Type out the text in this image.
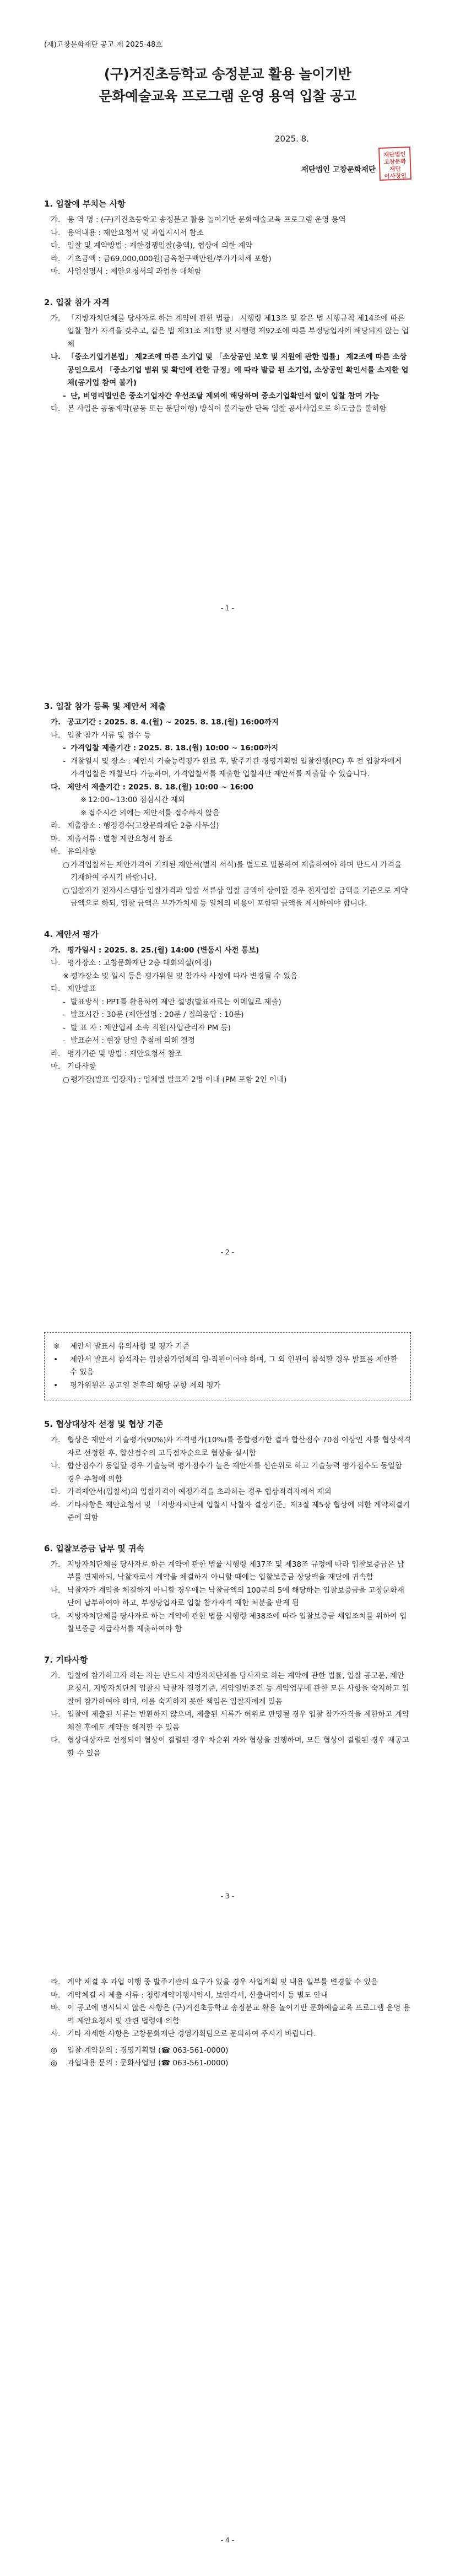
(재)고창문화재단 공고 제 2025-48호
(구)거진초등학교 송정분교 활용 놀이기반
문화예술교육 프로그램 운영 용역 입찰 공고
2025. 8.
재단법인 고창문화재단
재단법인
고창문화
재단
이사장인
1. 입찰에 부치는 사항
가. 용 역 명 : (구)거진초등학교 송정분교 활용 놀이기반 문화예술교육 프로그램 운영 용역
나. 용역내용 : 제안요청서 및 과업지시서 참조
다. 입찰 및 계약방법 : 제한경쟁입찰(총액), 협상에 의한 계약
라. 기초금액 : 금69,000,000원(금육천구백만원/부가가치세 포함)
마. 사업설명서 : 제안요청서의 과업을 대체함
2. 입찰 참가 자격
가. 「지방자치단체를 당사자로 하는 계약에 관한 법률」 시행령 제13조 및 같은 법 시행규칙 제14조에 따른 입찰 참가 자격을 갖추고, 같은 법 제31조 제1항 및 시행령 제92조에 따른 부정당업자에 해당되지 않는 업체
나. 「중소기업기본법」 제2조에 따른 소기업 및 「소상공인 보호 및 지원에 관한 법률」 제2조에 따른 소상공인으로서 「중소기업 범위 및 확인에 관한 규정」에 따라 발급 된 소기업, 소상공인 확인서를 소지한 업체(공기업 참여 불가)
- 단, 비영리법인은 중소기업자간 우선조달 제외에 해당하며 중소기업확인서 없이 입찰 참여 가능
다. 본 사업은 공동계약(공동 또는 분담이행) 방식이 불가능한 단독 입찰 공사사업으로 하도급을 불허함
- 1 -
3. 입찰 참가 등록 및 제안서 제출
가. 공고기간 : 2025. 8. 4.(월) ~ 2025. 8. 18.(월) 16:00까지
나. 입찰 참가 서류 및 접수 등
- 가격입찰 제출기간 : 2025. 8. 18.(월) 10:00 ~ 16:00까지
- 개찰일시 및 장소 : 제안서 기술능력평가 완료 후, 발주기관 경영기획팀 입찰진행(PC) 후 전 입찰자에게 가격입찰은 개찰보다 가능하며, 가격입찰서를 제출한 입찰자만 제안서를 제출할 수 있습니다.
다. 제안서 제출기간 : 2025. 8. 18.(월) 10:00 ~ 16:00
※ 12:00~13:00 점심시간 제외
※ 접수시간 외에는 제안서를 접수하지 않음
라. 제출장소 : 행정경수(고창문화재단 2층 사무실)
마. 제출서류 : 별첨 제안요청서 참조
바. 유의사항
○ 가격입찰서는 제안가격이 기재된 제안서(별지 서식)를 별도로 밀봉하여 제출하여야 하며 반드시 가격을 기재하여 주시기 바랍니다.
○ 입찰자가 전자시스템상 입찰가격과 입찰 서류상 입찰 금액이 상이할 경우 전자입찰 금액을 기준으로 계약 금액으로 하되, 입찰 금액은 부가가치세 등 일체의 비용이 포함된 금액을 제시하여야 합니다.
4. 제안서 평가
가. 평가일시 : 2025. 8. 25.(월) 14:00 (변동시 사전 통보)
나. 평가장소 : 고창문화재단 2층 대회의실(예정)
※ 평가장소 및 일시 등은 평가위원 및 참가사 사정에 따라 변경될 수 있음
다. 제안발표
- 발표방식 : PPT를 활용하여 제안 설명(발표자료는 이메일로 제출)
- 발표시간 : 30분 (제안설명 : 20분 / 질의응답 : 10분)
- 발 표 자 : 제안업체 소속 직원(사업관리자 PM 등)
- 발표순서 : 현장 당일 추첨에 의해 결정
라. 평가기준 및 방법 : 제안요청서 참조
마. 기타사항
○ 평가장(발표 입장자) : 업체별 발표자 2명 이내 (PM 포함 2인 이내)
- 2 -
※	제안서 발표시 유의사항 및 평가 기준
•	제안서 발표시 참석자는 입찰참가업체의 임·직원이어야 하며, 그 외 인원이 참석할 경우 발표를 제한할 수 있음
•	평가위원은 공고일 전후의 해당 문항 제외 평가
5. 협상대상자 선정 및 협상 기준
가. 협상은 제안서 기술평가(90%)와 가격평가(10%)를 종합평가한 결과 합산점수 70점 이상인 자를 협상적격자로 선정한 후, 합산점수의 고득점자순으로 협상을 실시함
나. 합산점수가 동일할 경우 기술능력 평가점수가 높은 제안자를 선순위로 하고 기술능력 평가점수도 동일할 경우 추첨에 의함
다. 가격제안서(입찰서)의 입찰가격이 예정가격을 초과하는 경우 협상적격자에서 제외
라. 기타사항은 제안요청서 및 「지방자치단체 입찰시 낙찰자 결정기준」제3절 제5장 협상에 의한 계약체결기준에 의함
6. 입찰보증금 납부 및 귀속
가. 지방자치단체를 당사자로 하는 계약에 관한 법률 시행령 제37조 및 제38조 규정에 따라 입찰보증금은 납부를 면제하되, 낙찰자로서 계약을 체결하지 아니할 때에는 입찰보증금 상당액을 재단에 귀속함
나. 낙찰자가 계약을 체결하지 아니할 경우에는 낙찰금액의 100분의 5에 해당하는 입찰보증금을 고창문화재단에 납부하여야 하고, 부정당업자로 입찰 참가자격 제한 처분을 받게 됨
다. 지방자치단체를 당사자로 하는 계약에 관한 법률 시행령 제38조에 따라 입찰보증금 세입조치를 위하여 입찰보증금 지급각서를 제출하여야 함
7. 기타사항
가. 입찰에 참가하고자 하는 자는 반드시 지방자치단체를 당사자로 하는 계약에 관한 법률, 입찰 공고문, 제안요청서, 지방자치단체 입찰시 낙찰자 결정기준, 계약일반조건 등 계약업무에 관한 모든 사항을 숙지하고 입찰에 참가하여야 하며, 이를 숙지하지 못한 책임은 입찰자에게 있음
나. 입찰에 제출된 서류는 반환하지 않으며, 제출된 서류가 허위로 판명될 경우 입찰 참가자격을 제한하고 계약체결 후에도 계약을 해지할 수 있음
다. 협상대상자로 선정되어 협상이 결렬된 경우 차순위 자와 협상을 진행하며, 모든 협상이 결렬된 경우 재공고할 수 있음
- 3 -
라. 계약 체결 후 과업 이행 중 발주기관의 요구가 있을 경우 사업계획 및 내용 일부를 변경할 수 있음
마. 계약체결 시 제출 서류 : 청렴계약이행서약서, 보안각서, 산출내역서 등 별도 안내
바. 이 공고에 명시되지 않은 사항은 (구)거진초등학교 송정분교 활용 놀이기반 문화예술교육 프로그램 운영 용역 제안요청서 및 관련 법령에 의함
사. 기타 자세한 사항은 고창문화재단 경영기획팀으로 문의하여 주시기 바랍니다.
◎	입찰·계약문의 : 경영기획팀 (☎ 063-561-0000)
◎	과업내용 문의 : 문화사업팀 (☎ 063-561-0000)
- 4 -
